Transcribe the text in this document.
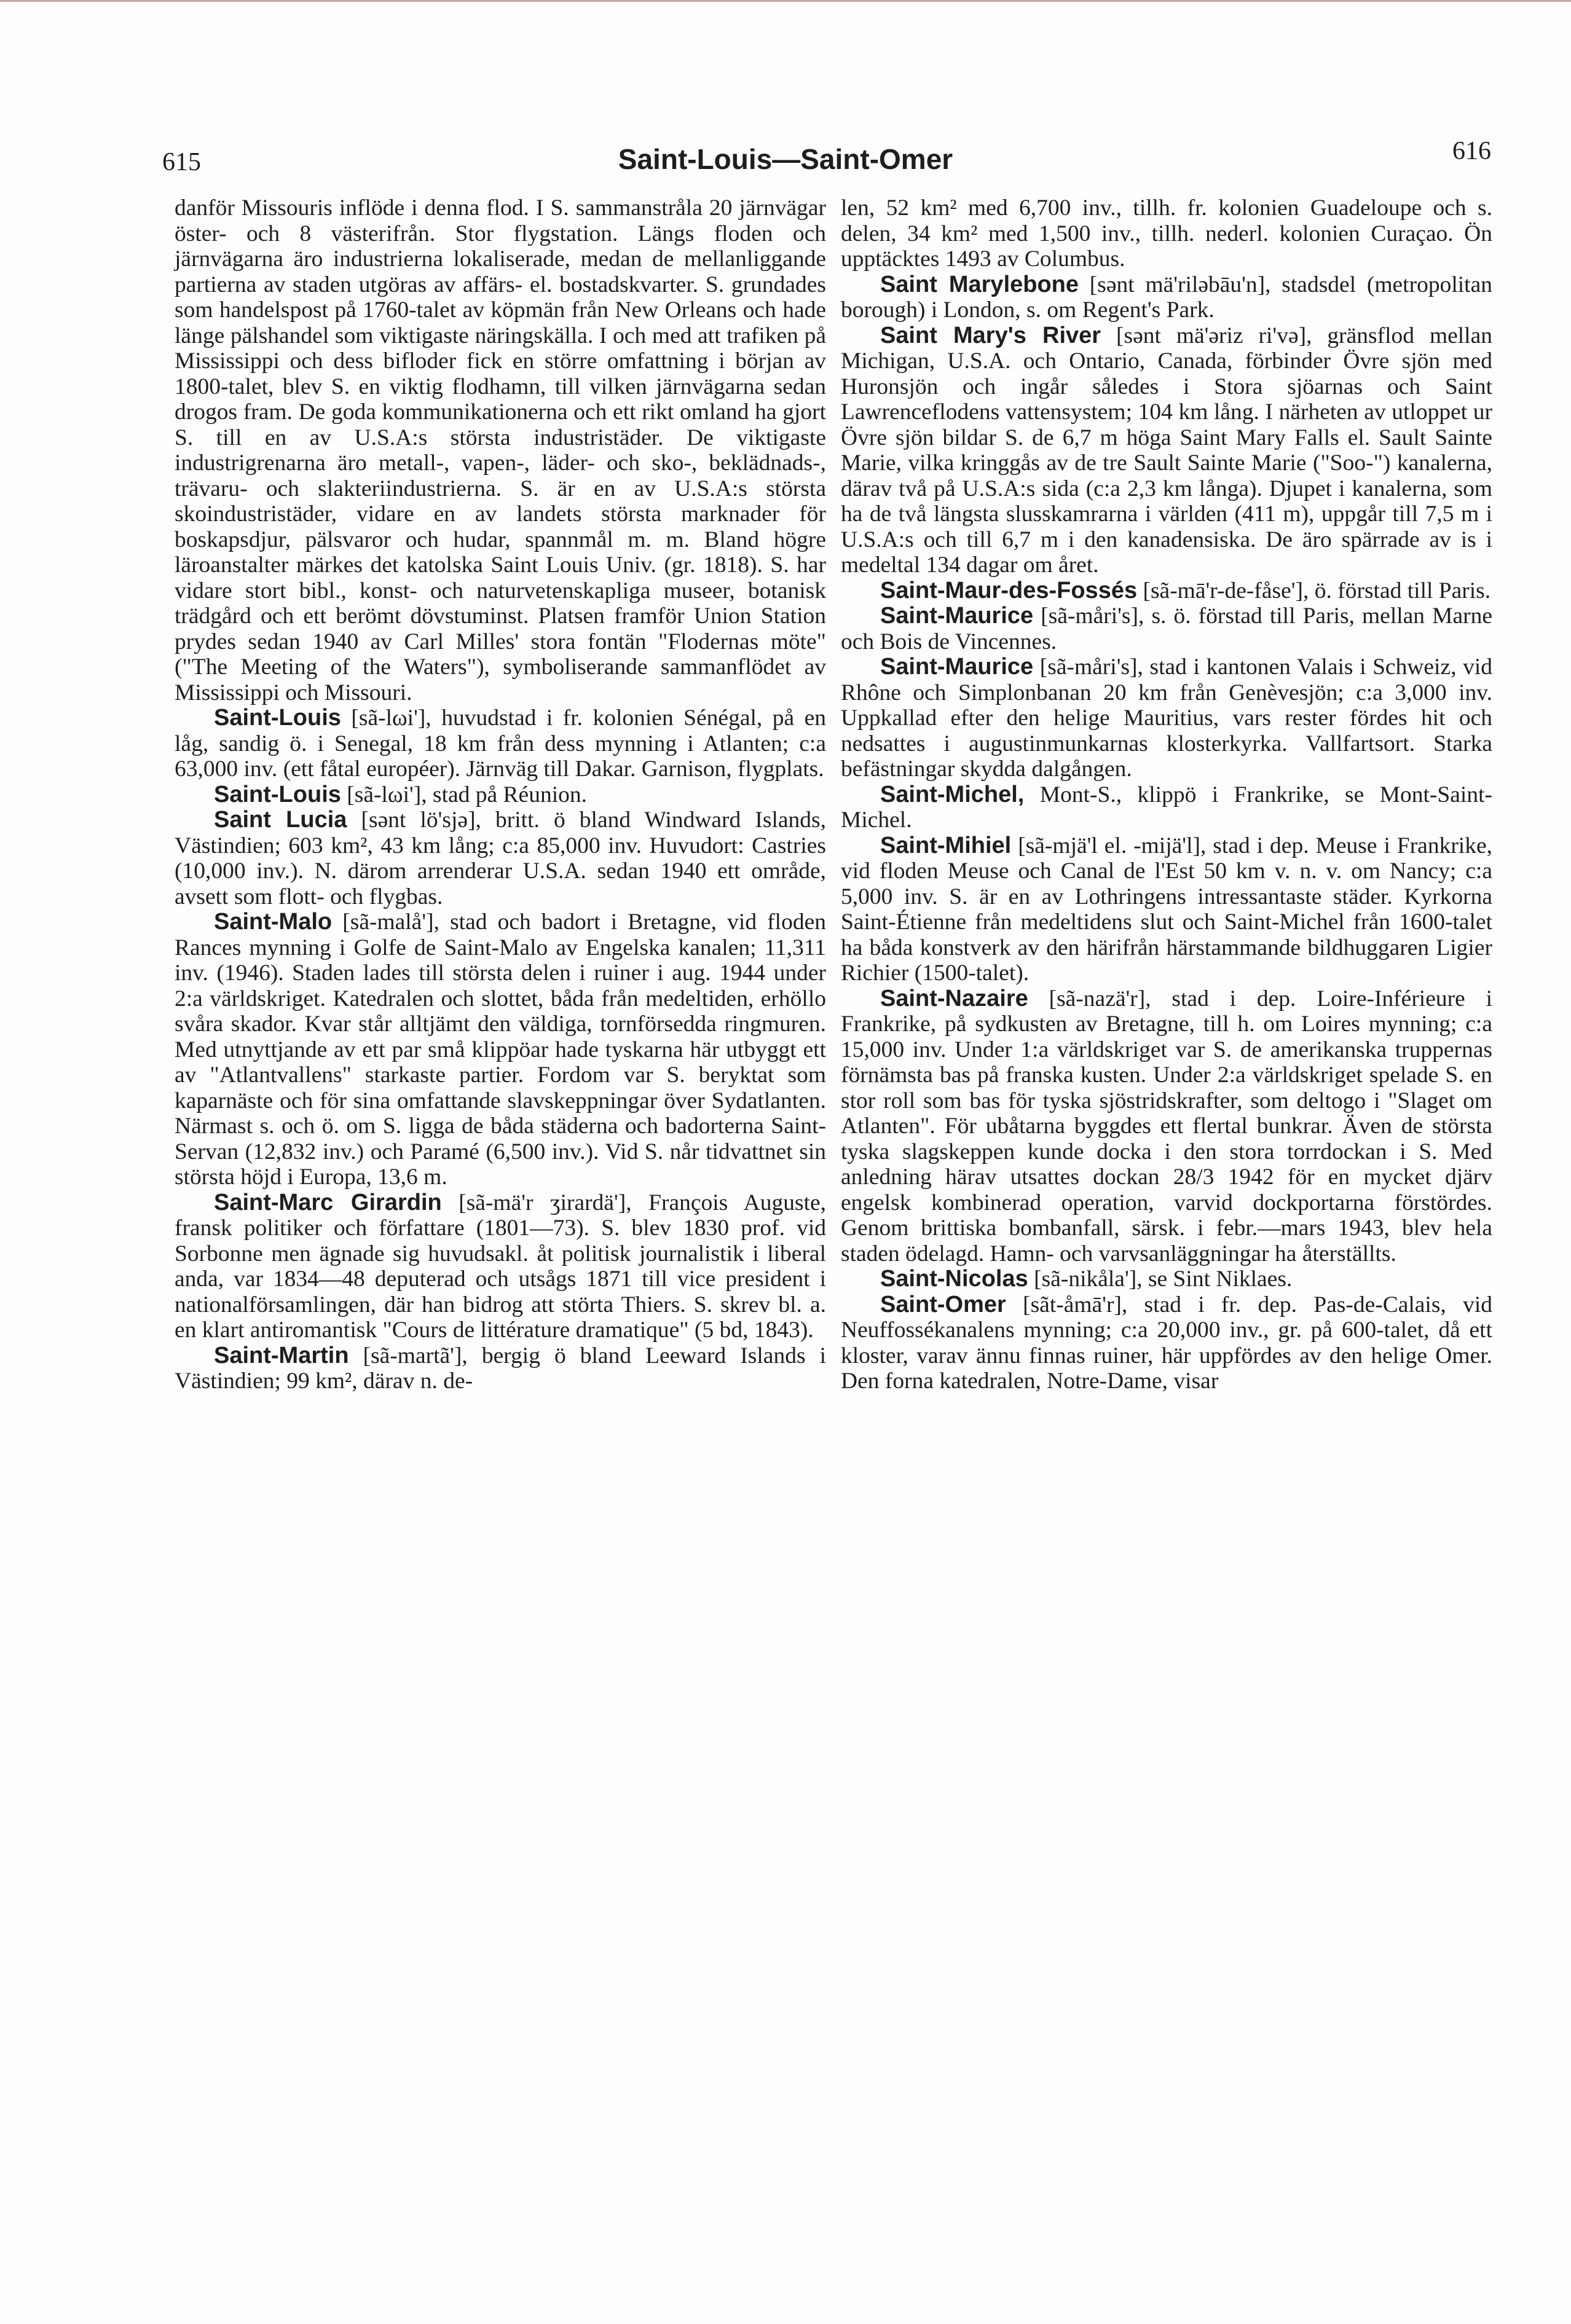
615	Saint-Louis—Saint-Omer	616

danför Missouris inflöde i denna flod. I S. sammanstråla 20 järnvägar öster- och 8 västerifrån. Stor flygstation. Längs floden och järnvägarna äro industrierna lokaliserade, medan de mellanliggande partierna av staden utgöras av affärs- el. bostadskvarter. S. grundades som handelspost på 1760-talet av köpmän från New Orleans och hade länge pälshandel som viktigaste näringskälla. I och med att trafiken på Mississippi och dess bifloder fick en större omfattning i början av 1800-talet, blev S. en viktig flodhamn, till vilken järnvägarna sedan drogos fram. De goda kommunikationerna och ett rikt omland ha gjort S. till en av U.S.A:s största industristäder. De viktigaste industrigrenarna äro metall-, vapen-, läder- och sko-, beklädnads-, trävaru- och slakteriindustrierna. S. är en av U.S.A:s största skoindustristäder, vidare en av landets största marknader för boskapsdjur, pälsvaror och hudar, spannmål m. m. Bland högre läroanstalter märkes det katolska Saint Louis Univ. (gr. 1818). S. har vidare stort bibl., konst- och naturvetenskapliga museer, botanisk trädgård och ett berömt dövstuminst. Platsen framför Union Station prydes sedan 1940 av Carl Milles' stora fontän "Flodernas möte" ("The Meeting of the Waters"), symboliserande sammanflödet av Mississippi och Missouri.

Saint-Louis [sã-lωi'], huvudstad i fr. kolonien Sénégal, på en låg, sandig ö. i Senegal, 18 km från dess mynning i Atlanten; c:a 63,000 inv. (ett fåtal européer). Järnväg till Dakar. Garnison, flygplats.

Saint-Louis [sã-lωi'], stad på Réunion.

Saint Lucia [sənt lö'sjə], britt. ö bland Windward Islands, Västindien; 603 km², 43 km lång; c:a 85,000 inv. Huvudort: Castries (10,000 inv.). N. därom arrenderar U.S.A. sedan 1940 ett område, avsett som flott- och flygbas.

Saint-Malo [sã-malå'], stad och badort i Bretagne, vid floden Rances mynning i Golfe de Saint-Malo av Engelska kanalen; 11,311 inv. (1946). Staden lades till största delen i ruiner i aug. 1944 under 2:a världskriget. Katedralen och slottet, båda från medeltiden, erhöllo svåra skador. Kvar står alltjämt den väldiga, tornförsedda ringmuren. Med utnyttjande av ett par små klippöar hade tyskarna här utbyggt ett av "Atlantvallens" starkaste partier. Fordom var S. beryktat som kaparnäste och för sina omfattande slavskeppningar över Sydatlanten. Närmast s. och ö. om S. ligga de båda städerna och badorterna Saint-Servan (12,832 inv.) och Paramé (6,500 inv.). Vid S. når tidvattnet sin största höjd i Europa, 13,6 m.

Saint-Marc Girardin [sã-mä'r ʒirardä'], François Auguste, fransk politiker och författare (1801—73). S. blev 1830 prof. vid Sorbonne men ägnade sig huvudsakl. åt politisk journalistik i liberal anda, var 1834—48 deputerad och utsågs 1871 till vice president i nationalförsamlingen, där han bidrog att störta Thiers. S. skrev bl. a. en klart antiromantisk "Cours de littérature dramatique" (5 bd, 1843).

Saint-Martin [sã-martã'], bergig ö bland Leeward Islands i Västindien; 99 km², därav n. de-

len, 52 km² med 6,700 inv., tillh. fr. kolonien Guadeloupe och s. delen, 34 km² med 1,500 inv., tillh. nederl. kolonien Curaçao. Ön upptäcktes 1493 av Columbus.

Saint Marylebone [sənt mä'riləbāu'n], stadsdel (metropolitan borough) i London, s. om Regent's Park.

Saint Mary's River [sənt mä'əriz ri'və], gränsflod mellan Michigan, U.S.A. och Ontario, Canada, förbinder Övre sjön med Huronsjön och ingår således i Stora sjöarnas och Saint Lawrenceflodens vattensystem; 104 km lång. I närheten av utloppet ur Övre sjön bildar S. de 6,7 m höga Saint Mary Falls el. Sault Sainte Marie, vilka kringgås av de tre Sault Sainte Marie ("Soo-") kanalerna, därav två på U.S.A:s sida (c:a 2,3 km långa). Djupet i kanalerna, som ha de två längsta slusskamrarna i världen (411 m), uppgår till 7,5 m i U.S.A:s och till 6,7 m i den kanadensiska. De äro spärrade av is i medeltal 134 dagar om året.

Saint-Maur-des-Fossés [sã-mā'r-de-fåse'], ö. förstad till Paris.

Saint-Maurice [sã-måri's], s. ö. förstad till Paris, mellan Marne och Bois de Vincennes.

Saint-Maurice [sã-måri's], stad i kantonen Valais i Schweiz, vid Rhône och Simplonbanan 20 km från Genèvesjön; c:a 3,000 inv. Uppkallad efter den helige Mauritius, vars rester fördes hit och nedsattes i augustinmunkarnas klosterkyrka. Vallfartsort. Starka befästningar skydda dalgången.

Saint-Michel, Mont-S., klippö i Frankrike, se Mont-Saint-Michel.

Saint-Mihiel [sã-mjä'l el. -mijä'l], stad i dep. Meuse i Frankrike, vid floden Meuse och Canal de l'Est 50 km v. n. v. om Nancy; c:a 5,000 inv. S. är en av Lothringens intressantaste städer. Kyrkorna Saint-Étienne från medeltidens slut och Saint-Michel från 1600-talet ha båda konstverk av den härifrån härstammande bildhuggaren Ligier Richier (1500-talet).

Saint-Nazaire [sã-nazä'r], stad i dep. Loire-Inférieure i Frankrike, på sydkusten av Bretagne, till h. om Loires mynning; c:a 15,000 inv. Under 1:a världskriget var S. de amerikanska truppernas förnämsta bas på franska kusten. Under 2:a världskriget spelade S. en stor roll som bas för tyska sjöstridskrafter, som deltogo i "Slaget om Atlanten". För ubåtarna byggdes ett flertal bunkrar. Även de största tyska slagskeppen kunde docka i den stora torrdockan i S. Med anledning härav utsattes dockan 28/3 1942 för en mycket djärv engelsk kombinerad operation, varvid dockportarna förstördes. Genom brittiska bombanfall, särsk. i febr.—mars 1943, blev hela staden ödelagd. Hamn- och varvsanläggningar ha återställts.

Saint-Nicolas [sã-nikåla'], se Sint Niklaes.

Saint-Omer [sãt-åmā'r], stad i fr. dep. Pas-de-Calais, vid Neuffossékanalens mynning; c:a 20,000 inv., gr. på 600-talet, då ett kloster, varav ännu finnas ruiner, här uppfördes av den helige Omer. Den forna katedralen, Notre-Dame, visar
